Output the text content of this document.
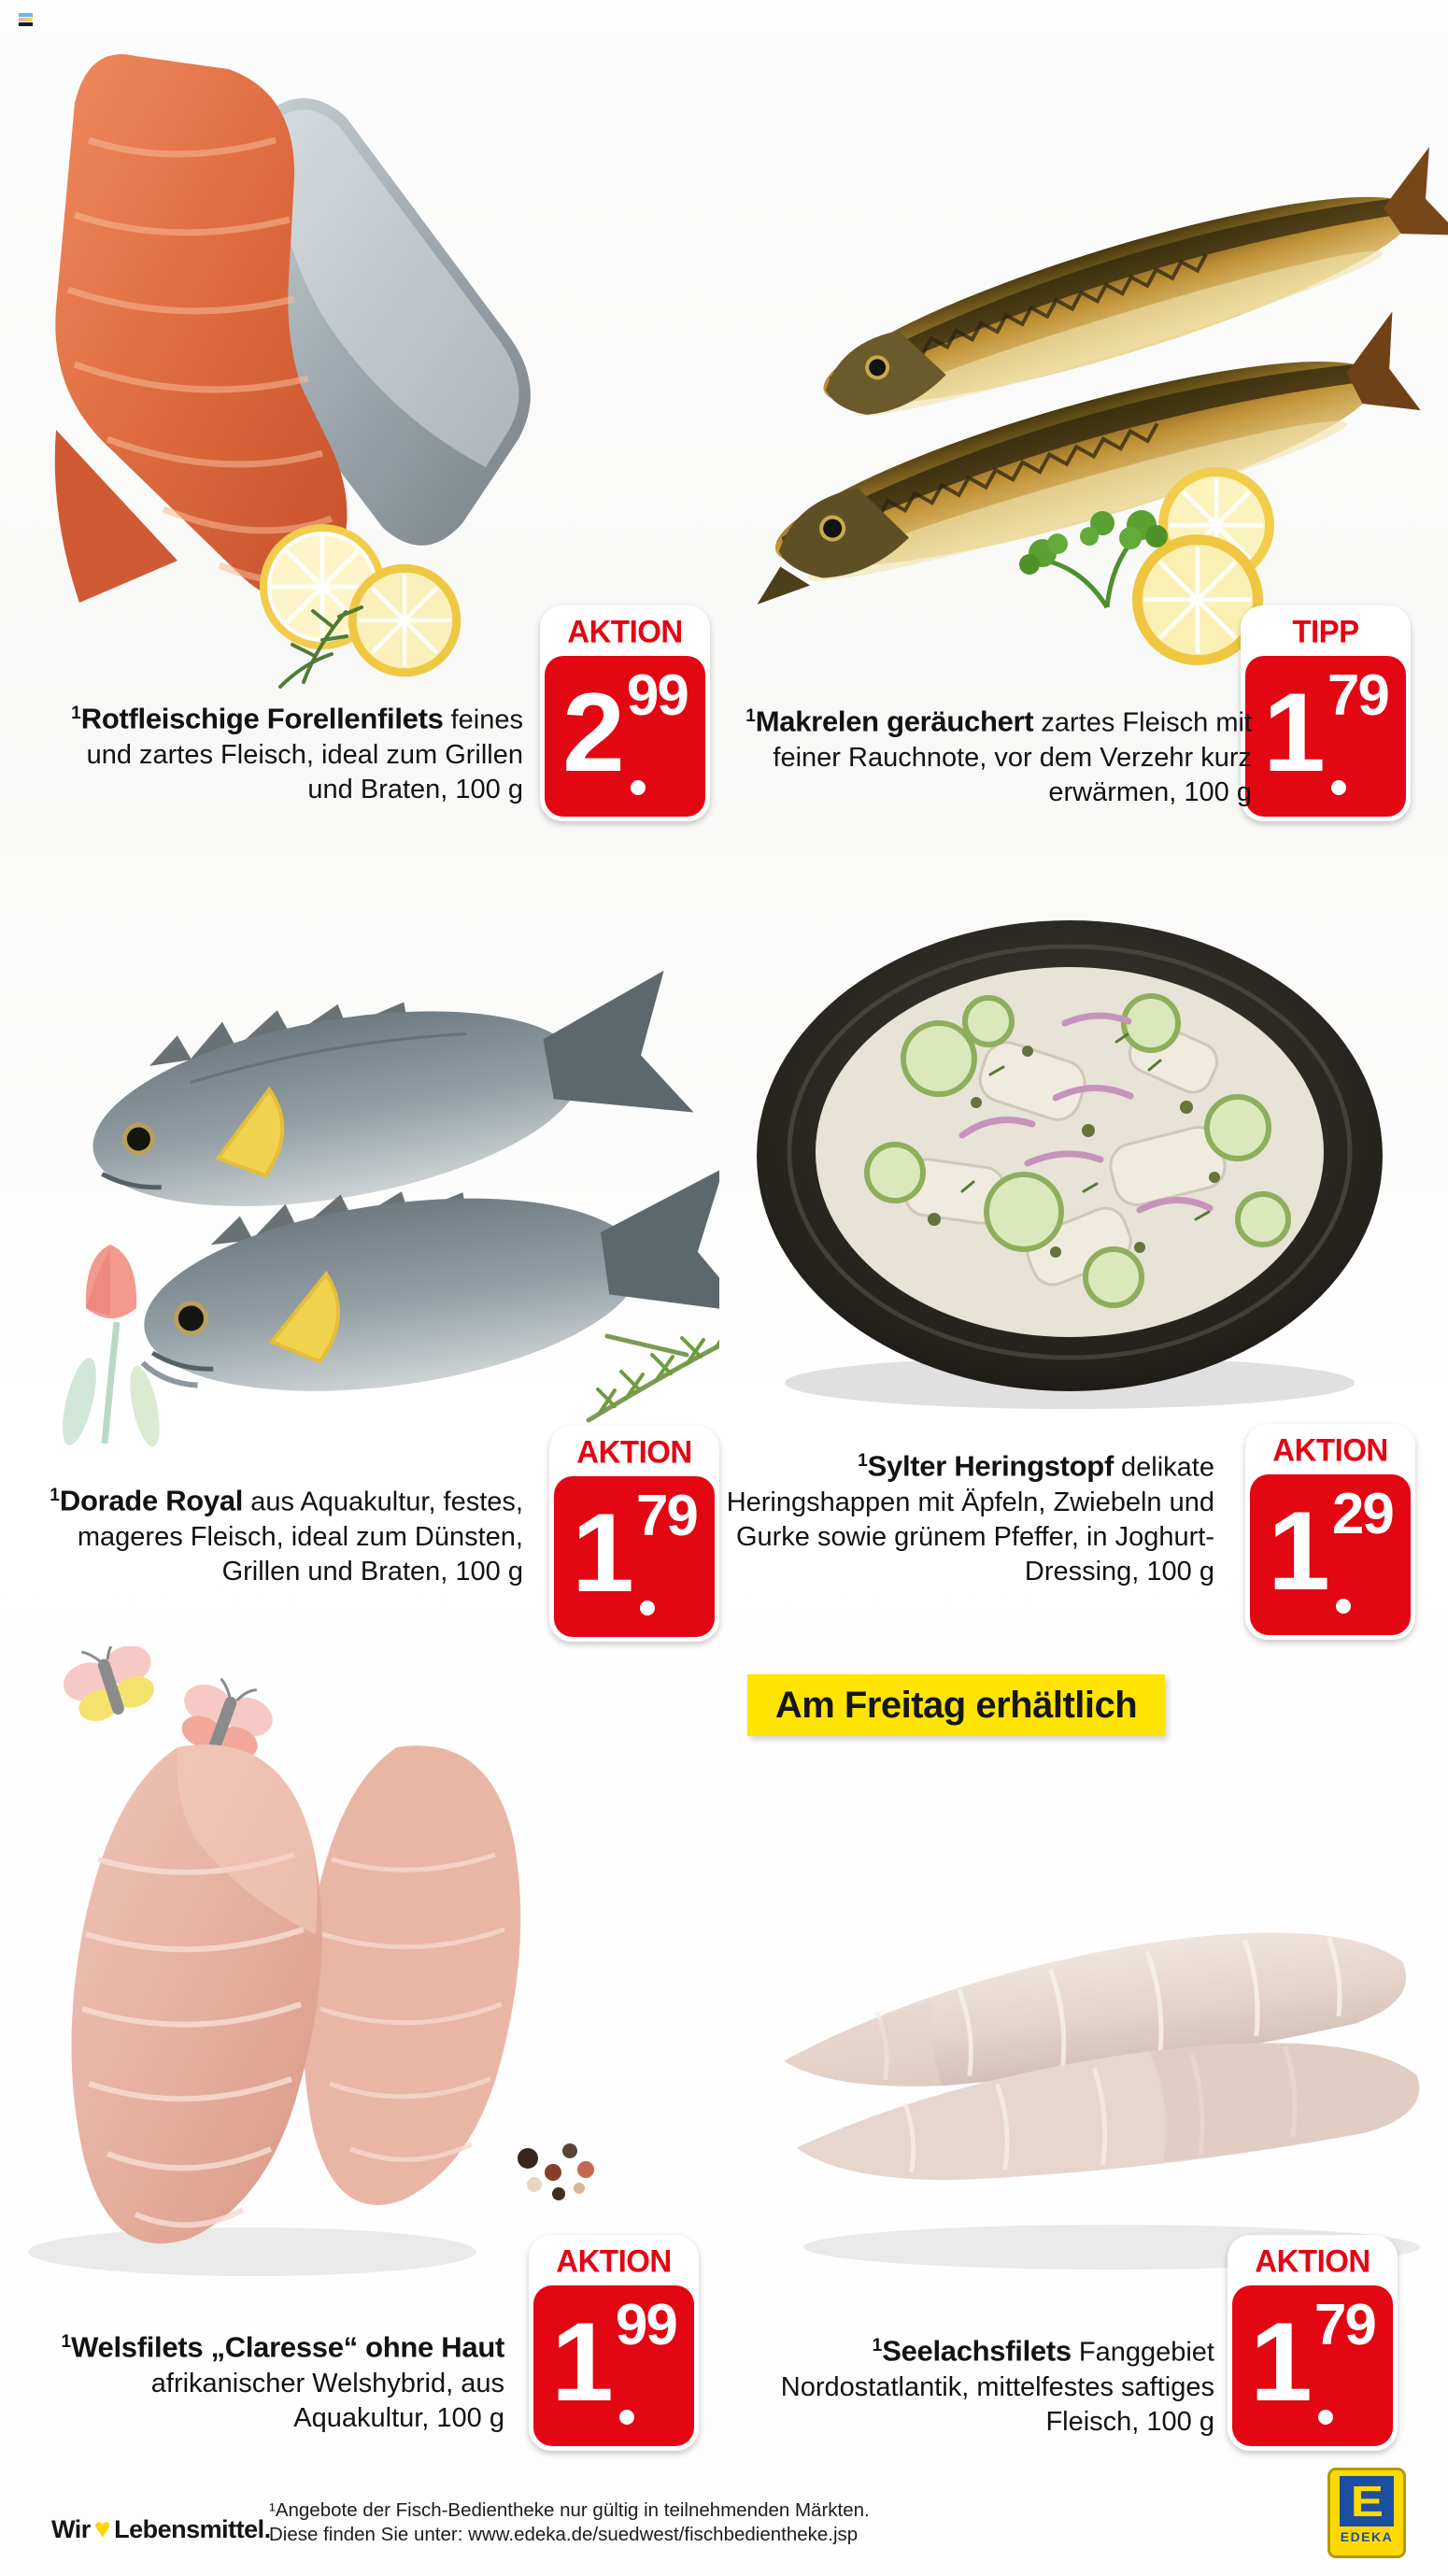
AKTION
2 99
$^1$Rotfleischige Forellenfilets feines und zartes Fleisch, ideal zum Grillen und Braten, 100 g
TIPP
1 79
$^1$Makrelen geräuchert zartes Fleisch mit feiner Rauchnote, vor dem Verzehr kurz erwärmen, 100 g
AKTION
1 79
$^1$Dorade Royal aus Aquakultur, festes, mageres Fleisch, ideal zum Dünsten, Grillen und Braten, 100 g
AKTION
1 29
$^1$Sylter Heringstopf delikate Heringshappen mit Äpfeln, Zwiebeln und Gurke sowie grünem Pfeffer, in Joghurt-Dressing, 100 g
Am Freitag erhältlich
AKTION
1 99
$^1$Welsfilets „Claresse“ ohne Haut afrikanischer Welshybrid, aus Aquakultur, 100 g
AKTION
1 79
$^1$Seelachsfilets Fanggebiet Nordostatlantik, mittelfestes saftiges Fleisch, 100 g
Wir ♥ Lebensmittel.
¹Angebote der Fisch-Bedientheke nur gültig in teilnehmenden Märkten.
Diese finden Sie unter: www.edeka.de/suedwest/fischbedientheke.jsp
E
EDEKA
